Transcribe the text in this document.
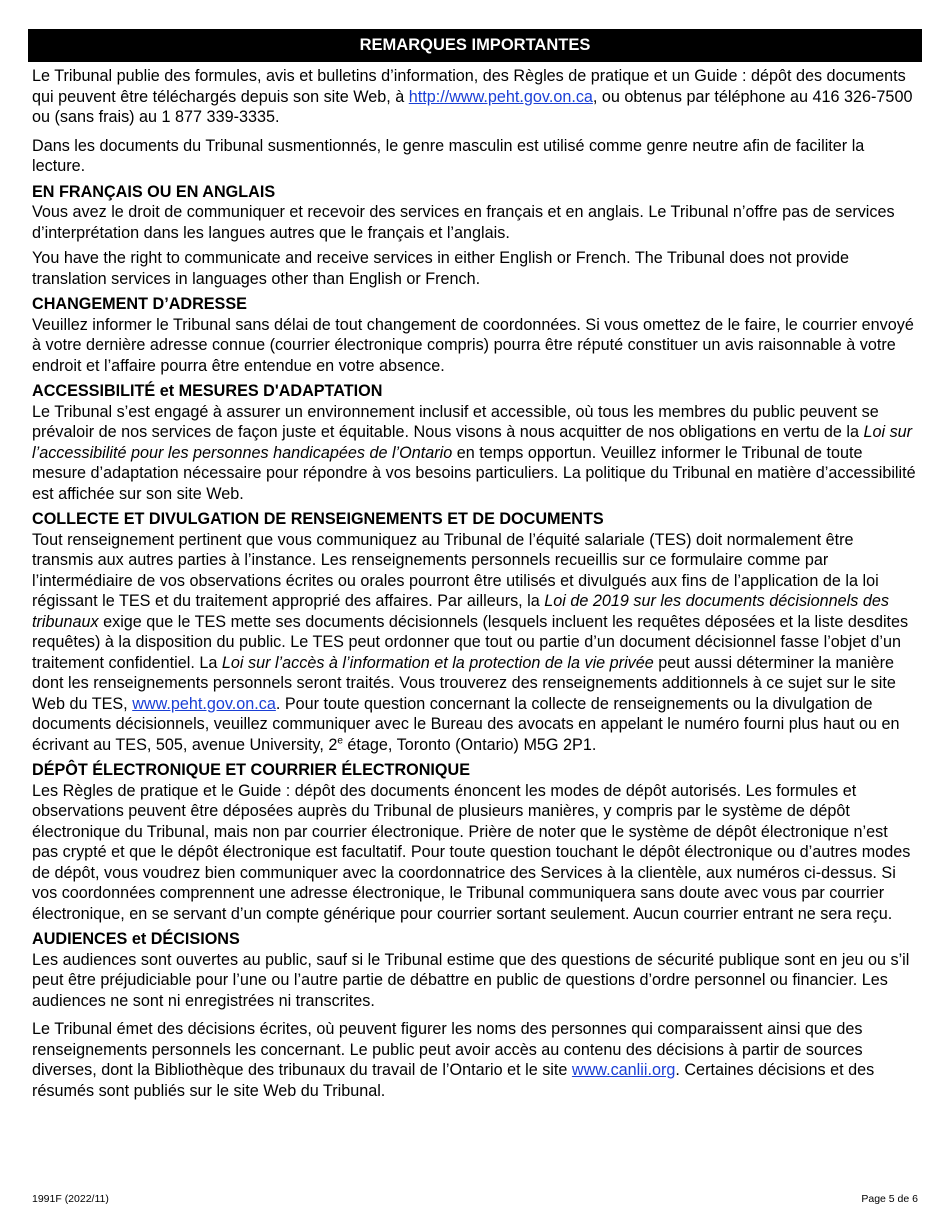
REMARQUES IMPORTANTES

Le Tribunal publie des formules, avis et bulletins d’information, des Règles de pratique et un Guide : dépôt des documents qui peuvent être téléchargés depuis son site Web, à http://www.peht.gov.on.ca, ou obtenus par téléphone au 416 326-7500 ou (sans frais) au 1 877 339-3335.

Dans les documents du Tribunal susmentionnés, le genre masculin est utilisé comme genre neutre afin de faciliter la lecture.

EN FRANÇAIS OU EN ANGLAIS

Vous avez le droit de communiquer et recevoir des services en français et en anglais. Le Tribunal n’offre pas de services d’interprétation dans les langues autres que le français et l’anglais.

You have the right to communicate and receive services in either English or French. The Tribunal does not provide translation services in languages other than English or French.

CHANGEMENT D’ADRESSE

Veuillez informer le Tribunal sans délai de tout changement de coordonnées. Si vous omettez de le faire, le courrier envoyé à votre dernière adresse connue (courrier électronique compris) pourra être réputé constituer un avis raisonnable à votre endroit et l’affaire pourra être entendue en votre absence.

ACCESSIBILITÉ et MESURES D'ADAPTATION

Le Tribunal s’est engagé à assurer un environnement inclusif et accessible, où tous les membres du public peuvent se prévaloir de nos services de façon juste et équitable. Nous visons à nous acquitter de nos obligations en vertu de la Loi sur l’accessibilité pour les personnes handicapées de l’Ontario en temps opportun. Veuillez informer le Tribunal de toute mesure d’adaptation nécessaire pour répondre à vos besoins particuliers. La politique du Tribunal en matière d’accessibilité est affichée sur son site Web.

COLLECTE ET DIVULGATION DE RENSEIGNEMENTS ET DE DOCUMENTS

Tout renseignement pertinent que vous communiquez au Tribunal de l’équité salariale (TES) doit normalement être transmis aux autres parties à l’instance. Les renseignements personnels recueillis sur ce formulaire comme par l’intermédiaire de vos observations écrites ou orales pourront être utilisés et divulgués aux fins de l’application de la loi régissant le TES et du traitement approprié des affaires. Par ailleurs, la Loi de 2019 sur les documents décisionnels des tribunaux exige que le TES mette ses documents décisionnels (lesquels incluent les requêtes déposées et la liste desdites requêtes) à la disposition du public. Le TES peut ordonner que tout ou partie d’un document décisionnel fasse l’objet d’un traitement confidentiel. La Loi sur l’accès à l’information et la protection de la vie privée peut aussi déterminer la manière dont les renseignements personnels seront traités. Vous trouverez des renseignements additionnels à ce sujet sur le site Web du TES, www.peht.gov.on.ca. Pour toute question concernant la collecte de renseignements ou la divulgation de documents décisionnels, veuillez communiquer avec le Bureau des avocats en appelant le numéro fourni plus haut ou en écrivant au TES, 505, avenue University, 2e étage, Toronto (Ontario) M5G 2P1.

DÉPÔT ÉLECTRONIQUE ET COURRIER ÉLECTRONIQUE

Les Règles de pratique et le Guide : dépôt des documents énoncent les modes de dépôt autorisés. Les formules et observations peuvent être déposées auprès du Tribunal de plusieurs manières, y compris par le système de dépôt électronique du Tribunal, mais non par courrier électronique. Prière de noter que le système de dépôt électronique n’est pas crypté et que le dépôt électronique est facultatif. Pour toute question touchant le dépôt électronique ou d’autres modes de dépôt, vous voudrez bien communiquer avec la coordonnatrice des Services à la clientèle, aux numéros ci-dessus. Si vos coordonnées comprennent une adresse électronique, le Tribunal communiquera sans doute avec vous par courrier électronique, en se servant d’un compte générique pour courrier sortant seulement. Aucun courrier entrant ne sera reçu.

AUDIENCES et DÉCISIONS

Les audiences sont ouvertes au public, sauf si le Tribunal estime que des questions de sécurité publique sont en jeu ou s’il peut être préjudiciable pour l’une ou l’autre partie de débattre en public de questions d’ordre personnel ou financier. Les audiences ne sont ni enregistrées ni transcrites.

Le Tribunal émet des décisions écrites, où peuvent figurer les noms des personnes qui comparaissent ainsi que des renseignements personnels les concernant. Le public peut avoir accès au contenu des décisions à partir de sources diverses, dont la Bibliothèque des tribunaux du travail de l’Ontario et le site www.canlii.org. Certaines décisions et des résumés sont publiés sur le site Web du Tribunal.

1991F (2022/11)	Page 5 de 6
